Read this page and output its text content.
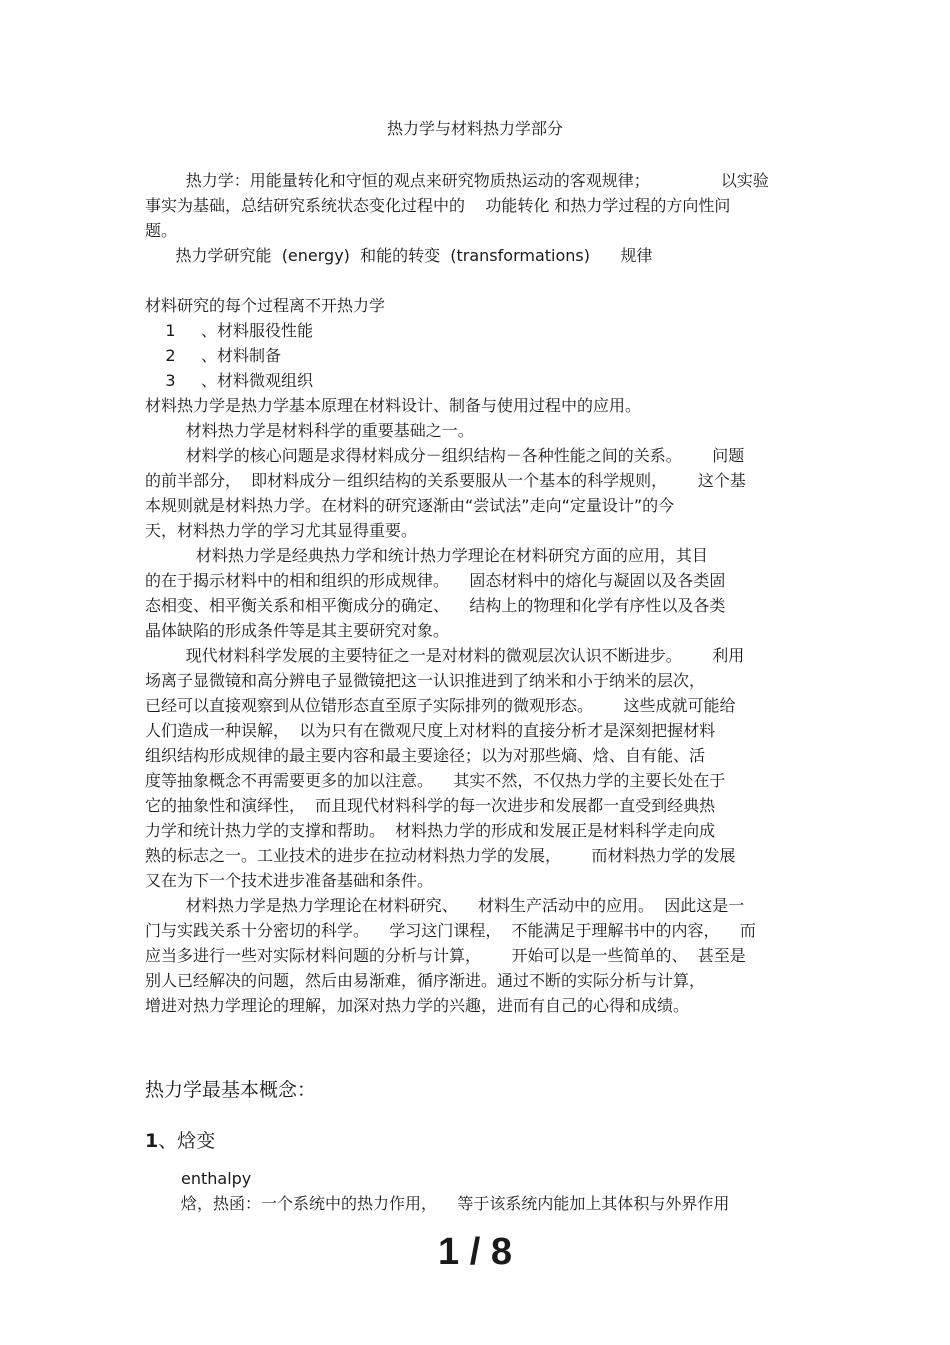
热力学与材料热力学部分
热力学：用能量转化和守恒的观点来研究物质热运动的客观规律；              以实验
事实为基础，总结研究系统状态变化过程中的    功能转化 和热力学过程的方向性问
题。
热力学研究能  (energy)  和能的转变  (transformations)      规律
材料研究的每个过程离不开热力学
1     、材料服役性能
2     、材料制备
3     、材料微观组织
材料热力学是热力学基本原理在材料设计、制备与使用过程中的应用。
材料热力学是材料科学的重要基础之一。
材料学的核心问题是求得材料成分－组织结构－各种性能之间的关系。      问题
的前半部分，  即材料成分－组织结构的关系要服从一个基本的科学规则，      这个基
本规则就是材料热力学。在材料的研究逐渐由“尝试法”走向“定量设计”的今
天，材料热力学的学习尤其显得重要。
材料热力学是经典热力学和统计热力学理论在材料研究方面的应用，其目
的在于揭示材料中的相和组织的形成规律。    固态材料中的熔化与凝固以及各类固
态相变、相平衡关系和相平衡成分的确定、    结构上的物理和化学有序性以及各类
晶体缺陷的形成条件等是其主要研究对象。
现代材料科学发展的主要特征之一是对材料的微观层次认识不断进步。      利用
场离子显微镜和高分辨电子显微镜把这一认识推进到了纳米和小于纳米的层次，
已经可以直接观察到从位错形态直至原子实际排列的微观形态。      这些成就可能给
人们造成一种误解，  以为只有在微观尺度上对材料的直接分析才是深刻把握材料
组织结构形成规律的最主要内容和最主要途径；以为对那些熵、焓、自有能、活
度等抽象概念不再需要更多的加以注意。    其实不然，不仅热力学的主要长处在于
它的抽象性和演绎性，  而且现代材料科学的每一次进步和发展都一直受到经典热
力学和统计热力学的支撑和帮助。  材料热力学的形成和发展正是材料科学走向成
熟的标志之一。工业技术的进步在拉动材料热力学的发展，      而材料热力学的发展
又在为下一个技术进步准备基础和条件。
材料热力学是热力学理论在材料研究、    材料生产活动中的应用。  因此这是一
门与实践关系十分密切的科学。    学习这门课程，  不能满足于理解书中的内容，    而
应当多进行一些对实际材料问题的分析与计算，      开始可以是一些简单的、  甚至是
别人已经解决的问题，然后由易渐难，循序渐进。通过不断的实际分析与计算，
增进对热力学理论的理解，加深对热力学的兴趣，进而有自己的心得和成绩。
热力学最基本概念：
1、焓变
enthalpy
焓，热函：一个系统中的热力作用，    等于该系统内能加上其体积与外界作用
1 / 8
